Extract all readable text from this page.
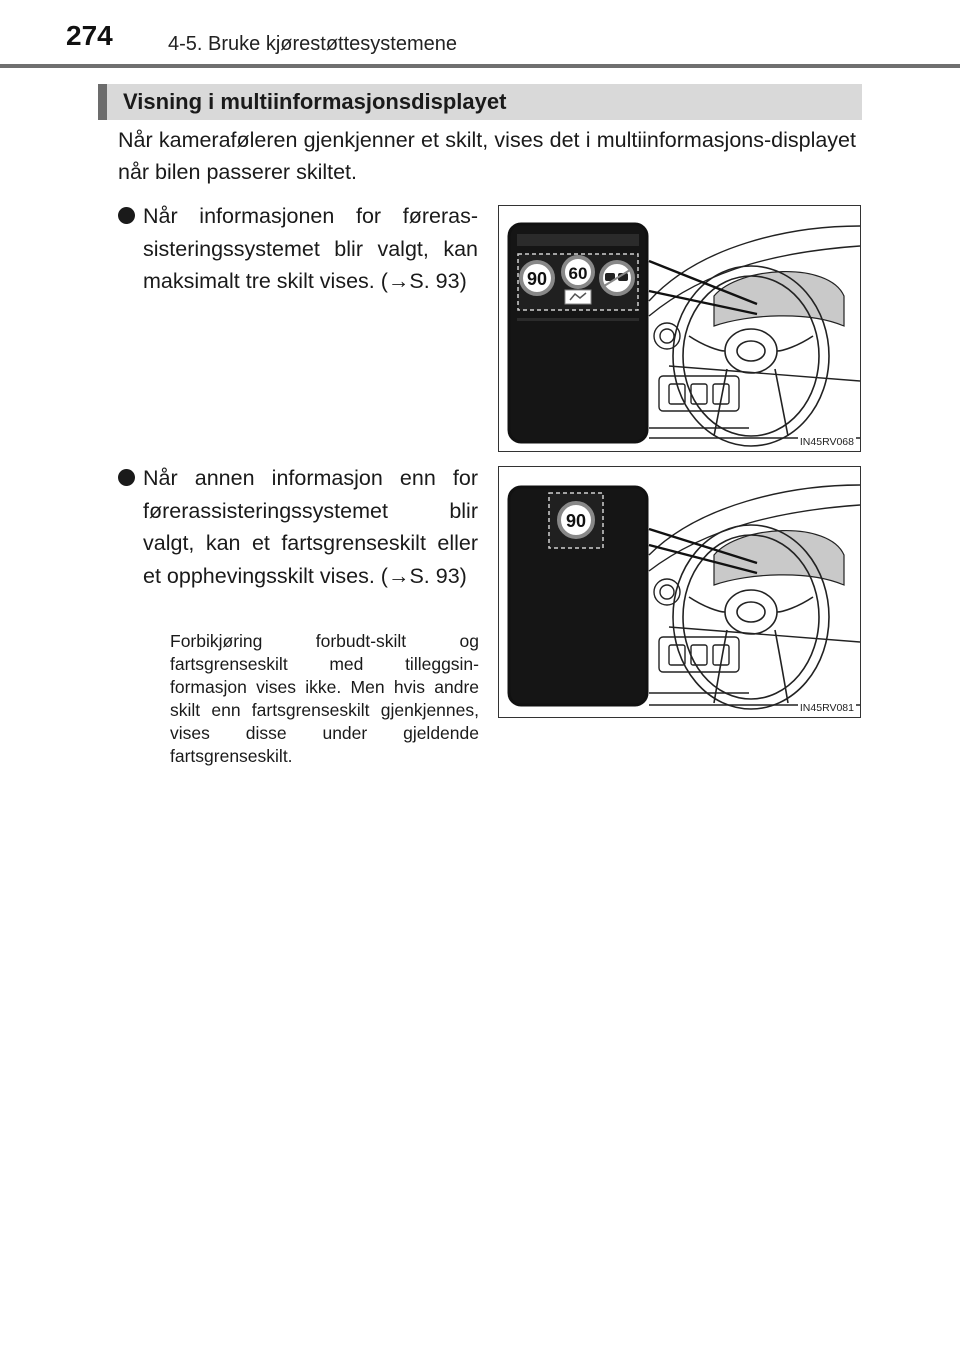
274	4-5. Bruke kjørestøttesystemene
Visning i multiinformasjonsdisplayet

Når kameraføleren gjenkjenner et skilt, vises det i multiinformasjons-displayet når bilen passerer skiltet.

Når informasjonen for føreras-sisteringssystemet blir valgt, kan maksimalt tre skilt vises. (→S. 93)

Når annen informasjon enn for førerassisteringssystemet blir valgt, kan et fartsgrenseskilt eller et opphevingsskilt vises. (→S. 93)

Forbikjøring forbudt-skilt og fartsgrenseskilt med tilleggsin-formasjon vises ikke. Men hvis andre skilt enn fartsgrenseskilt gjenkjennes, vises disse under gjeldende fartsgrenseskilt.

90 60
IN45RV068
90
IN45RV081
